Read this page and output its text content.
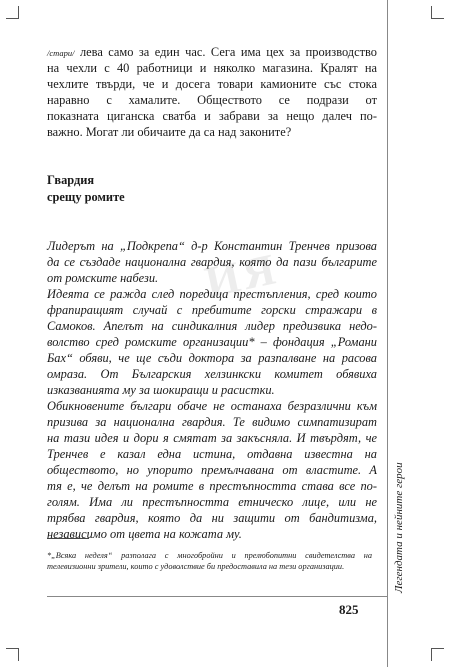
ИЯ
/стари/ лева само за един час. Сега има цех за производство
на чехли с 40 работници и няколко магазина. Кралят на
чехлите твърди, че и досега товари камионите със стока
наравно с хамалите. Обществото се подрази от
показната циганска сватба и забрави за нещо далеч по-
важно. Могат ли обичаите да са над законите?
Гвардия
срещу ромите
Лидерът на „Подкрепа“ д-р Константин Тренчев призова
да се създаде национална гвардия, която да пази българите
от ромските набези.
Идеята се ражда след поредица престъпления, сред които
фрапиращият случай с пребитите горски стражари в
Самоков. Апелът на синдикалния лидер предизвика недо-
волство сред ромските организации* – фондация „Романи
Бах“ обяви, че ще съди доктора за разпалване на расова
омраза. От Българския хелзинкски комитет обявиха
изказванията му за шокиращи и расистки.
Обикновените българи обаче не останаха безразлични към
призива за национална гвардия. Те видимо симпатизират
на тази идея и дори я смятат за закъсняла. И твърдят, че
Тренчев е казал една истина, отдавна известна на
обществото, но упорито премълчавана от властите. А
тя е, че делът на ромите в престъпността става все по-
голям. Има ли престъпността етническо лице, или не
трябва гвардия, която да ни защити от бандитизма,
независимо от цвета на кожата му.
*„Всяка неделя“ разполага с многобройни и прелюбопитни свидетелства на
телевизионни зрители, които с удоволствие би предоставила на тези организации.	Легендата и нейните герои
825
